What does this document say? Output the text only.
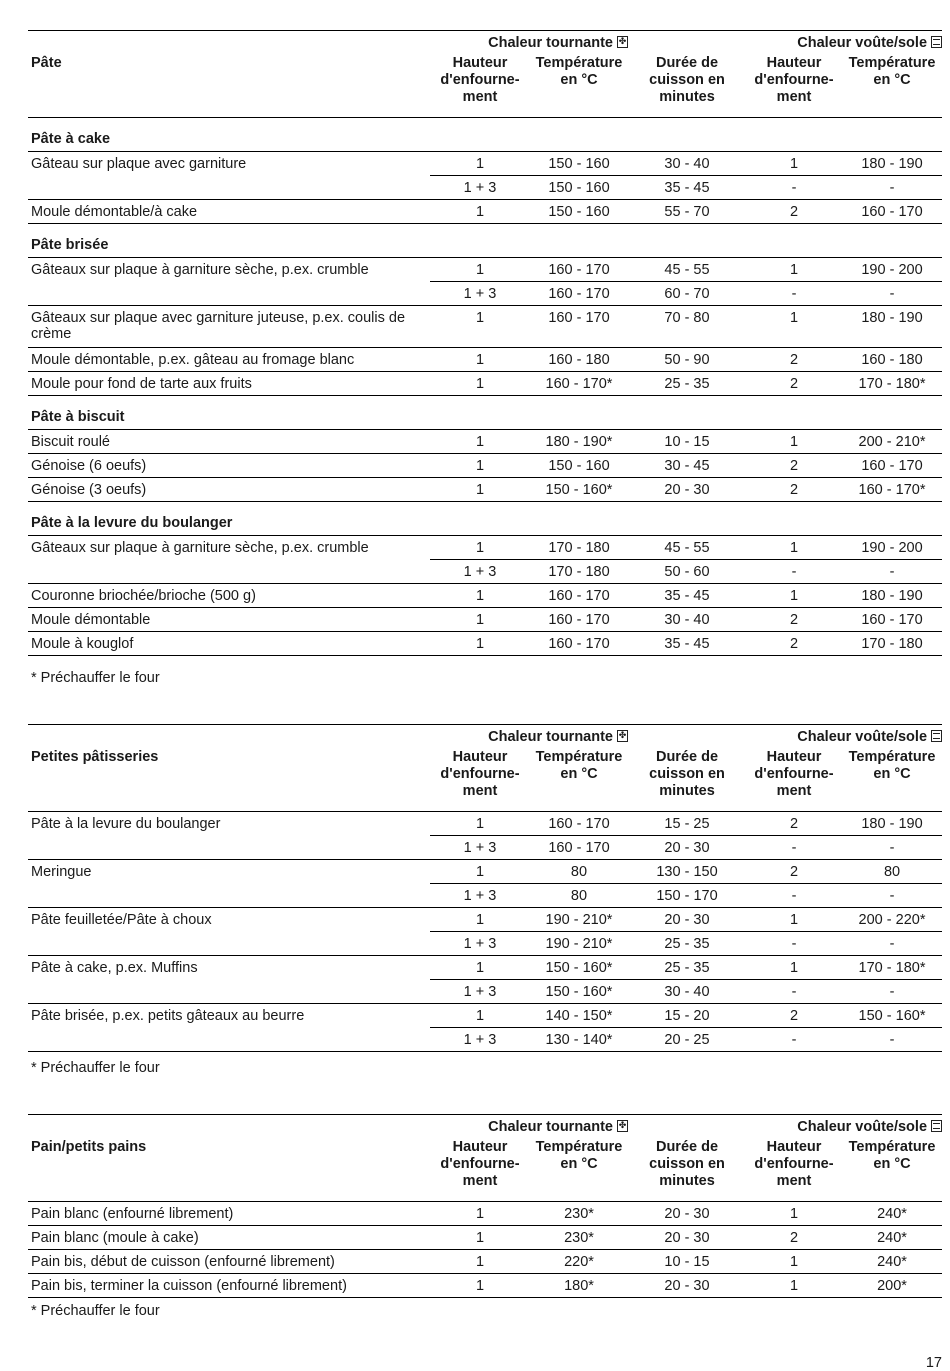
	Chaleur tournante✤			Chaleur voûte/sole	

Pâte	Hauteur d'enfourne-ment	Température en °C	Durée de cuisson en minutes	Hauteur d'enfourne-ment	Température en °C
Pâte à cake					
Gâteau sur plaque avec garniture	1	150 - 160	30 - 40	1	180 - 190
	1 + 3	150 - 160	35 - 45	-	-
Moule démontable/à cake	1	150 - 160	55 - 70	2	160 - 170
Pâte brisée					
Gâteaux sur plaque à garniture sèche, p.ex. crumble	1	160 - 170	45 - 55	1	190 - 200
	1 + 3	160 - 170	60 - 70	-	-
Gâteaux sur plaque avec garniture juteuse, p.ex. coulis de crème	1	160 - 170	70 - 80	1	180 - 190
Moule démontable, p.ex. gâteau au fromage blanc	1	160 - 180	50 - 90	2	160 - 180
Moule pour fond de tarte aux fruits	1	160 - 170*	25 - 35	2	170 - 180*
Pâte à biscuit					
Biscuit roulé	1	180 - 190*	10 - 15	1	200 - 210*
Génoise (6 oeufs)	1	150 - 160	30 - 45	2	160 - 170
Génoise (3 oeufs)	1	150 - 160*	20 - 30	2	160 - 170*
Pâte à la levure du boulanger					
Gâteaux sur plaque à garniture sèche, p.ex. crumble	1	170 - 180	45 - 55	1	190 - 200
	1 + 3	170 - 180	50 - 60	-	-
Couronne briochée/brioche (500 g)	1	160 - 170	35 - 45	1	180 - 190
Moule démontable	1	160 - 170	30 - 40	2	160 - 170
Moule à kouglof	1	160 - 170	35 - 45	2	170 - 180
* Préchauffer le four

	Chaleur tournante✤			Chaleur voûte/sole	

Petites pâtisseries	Hauteur d'enfourne-ment	Température en °C	Durée de cuisson en minutes	Hauteur d'enfourne-ment	Température en °C
Pâte à la levure du boulanger	1	160 - 170	15 - 25	2	180 - 190
	1 + 3	160 - 170	20 - 30	-	-
Meringue	1	80	130 - 150	2	80
	1 + 3	80	150 - 170	-	-
Pâte feuilletée/Pâte à choux	1	190 - 210*	20 - 30	1	200 - 220*
	1 + 3	190 - 210*	25 - 35	-	-
Pâte à cake, p.ex. Muffins	1	150 - 160*	25 - 35	1	170 - 180*
	1 + 3	150 - 160*	30 - 40	-	-
Pâte brisée, p.ex. petits gâteaux au beurre	1	140 - 150*	15 - 20	2	150 - 160*
	1 + 3	130 - 140*	20 - 25	-	-
* Préchauffer le four

	Chaleur tournante✤			Chaleur voûte/sole	

Pain/petits pains	Hauteur d'enfourne-ment	Température en °C	Durée de cuisson en minutes	Hauteur d'enfourne-ment	Température en °C
Pain blanc (enfourné librement)	1	230*	20 - 30	1	240*
Pain blanc (moule à cake)	1	230*	20 - 30	2	240*
Pain bis, début de cuisson (enfourné librement)	1	220*	10 - 15	1	240*
Pain bis, terminer la cuisson (enfourné librement)	1	180*	20 - 30	1	200*
* Préchauffer le four
17
